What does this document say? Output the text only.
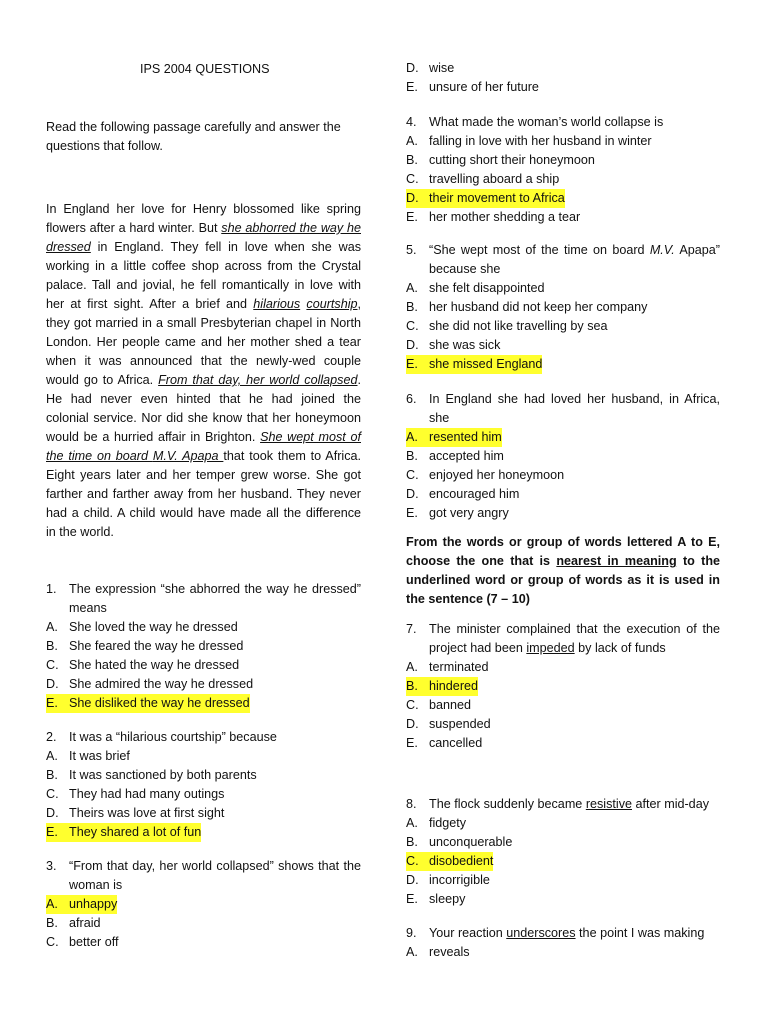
IPS 2004 QUESTIONS
Read the following passage carefully and answer the questions that follow.
In England her love for Henry blossomed like spring flowers after a hard winter. But she abhorred the way he dressed in England. They fell in love when she was working in a little coffee shop across from the Crystal palace. Tall and jovial, he fell romantically in love with her at first sight. After a brief and hilarious courtship, they got married in a small Presbyterian chapel in North London. Her people came and her mother shed a tear when it was announced that the newly-wed couple would go to Africa. From that day, her world collapsed. He had never even hinted that he had joined the colonial service. Nor did she know that her honeymoon would be a hurried affair in Brighton. She wept most of the time on board M.V. Apapa that took them to Africa. Eight years later and her temper grew worse. She got farther and farther away from her husband. They never had a child. A child would have made all the difference in the world.
1. The expression “she abhorred the way he dressed” means
A. She loved the way he dressed
B. She feared the way he dressed
C. She hated the way he dressed
D. She admired the way he dressed
E. She disliked the way he dressed
2. It was a “hilarious courtship” because
A. It was brief
B. It was sanctioned by both parents
C. They had had many outings
D. Theirs was love at first sight
E. They shared a lot of fun
3. “From that day, her world collapsed” shows that the woman is
A. unhappy
B. afraid
C. better off
D. wise
E. unsure of her future
4. What made the woman’s world collapse is
A. falling in love with her husband in winter
B. cutting short their honeymoon
C. travelling aboard a ship
D. their movement to Africa
E. her mother shedding a tear
5. “She wept most of the time on board M.V. Apapa” because she
A. she felt disappointed
B. her husband did not keep her company
C. she did not like travelling by sea
D. she was sick
E. she missed England
6. In England she had loved her husband, in Africa, she
A. resented him
B. accepted him
C. enjoyed her honeymoon
D. encouraged him
E. got very angry
From the words or group of words lettered A to E, choose the one that is nearest in meaning to the underlined word or group of words as it is used in the sentence (7 – 10)
7. The minister complained that the execution of the project had been impeded by lack of funds
A. terminated
B. hindered
C. banned
D. suspended
E. cancelled
8. The flock suddenly became resistive after mid-day
A. fidgety
B. unconquerable
C. disobedient
D. incorrigible
E. sleepy
9. Your reaction underscores the point I was making
A. reveals
